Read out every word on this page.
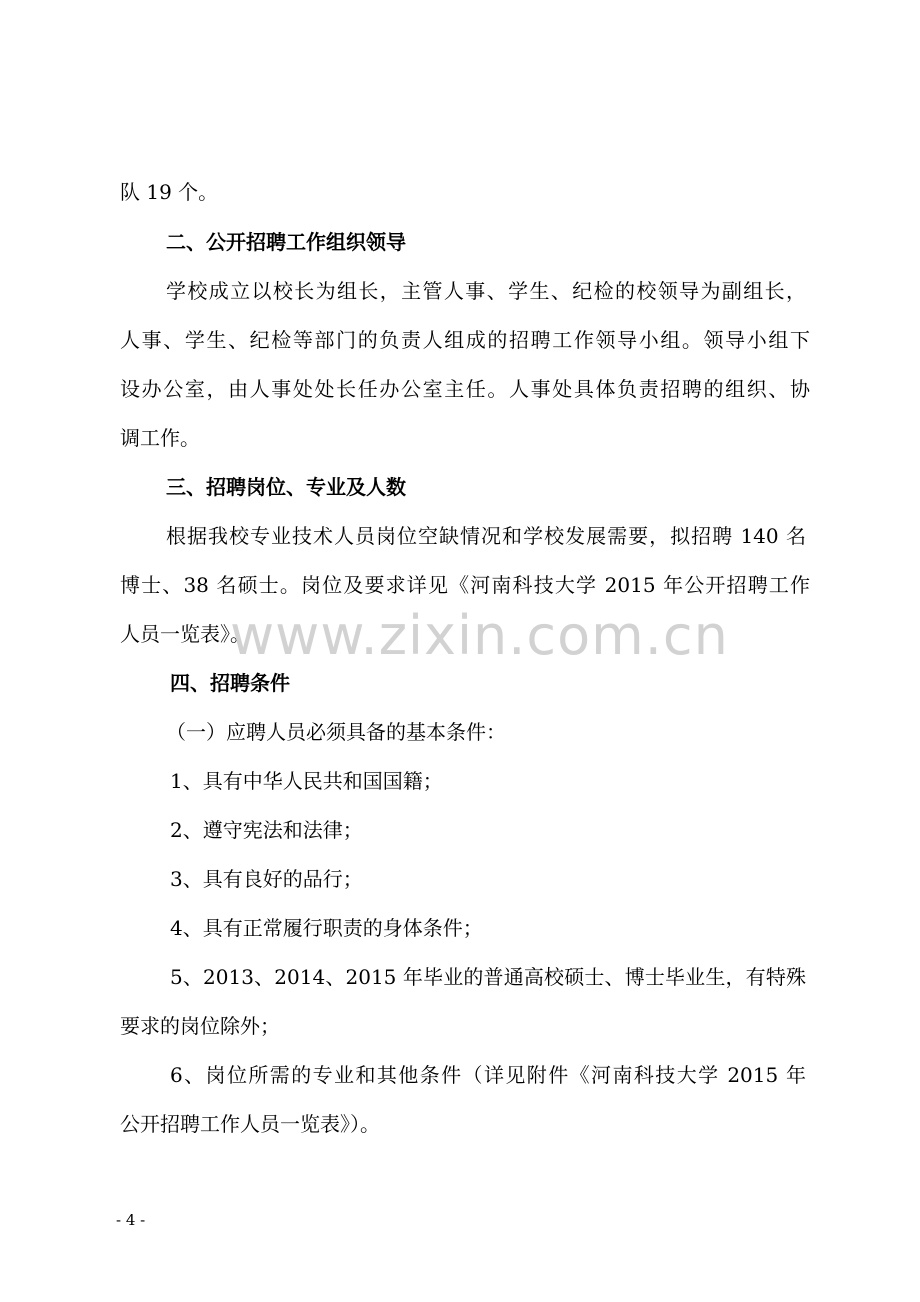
队 19 个。

二、公开招聘工作组织领导

学校成立以校长为组长，主管人事、学生、纪检的校领导为副组长，

人事、学生、纪检等部门的负责人组成的招聘工作领导小组。领导小组下

设办公室，由人事处处长任办公室主任。人事处具体负责招聘的组织、协

调工作。

三、招聘岗位、专业及人数

根据我校专业技术人员岗位空缺情况和学校发展需要，拟招聘 140 名

博士、38 名硕士。岗位及要求详见《河南科技大学 2015 年公开招聘工作

人员一览表》。

四、招聘条件

（一）应聘人员必须具备的基本条件：

1、具有中华人民共和国国籍；

2、遵守宪法和法律；

3、具有良好的品行；

4、具有正常履行职责的身体条件；

5、2013、2014、2015 年毕业的普通高校硕士、博士毕业生，有特殊

要求的岗位除外；

6、岗位所需的专业和其他条件（详见附件《河南科技大学 2015 年

公开招聘工作人员一览表》）。

www.zixin.com.cn
- 4 -
